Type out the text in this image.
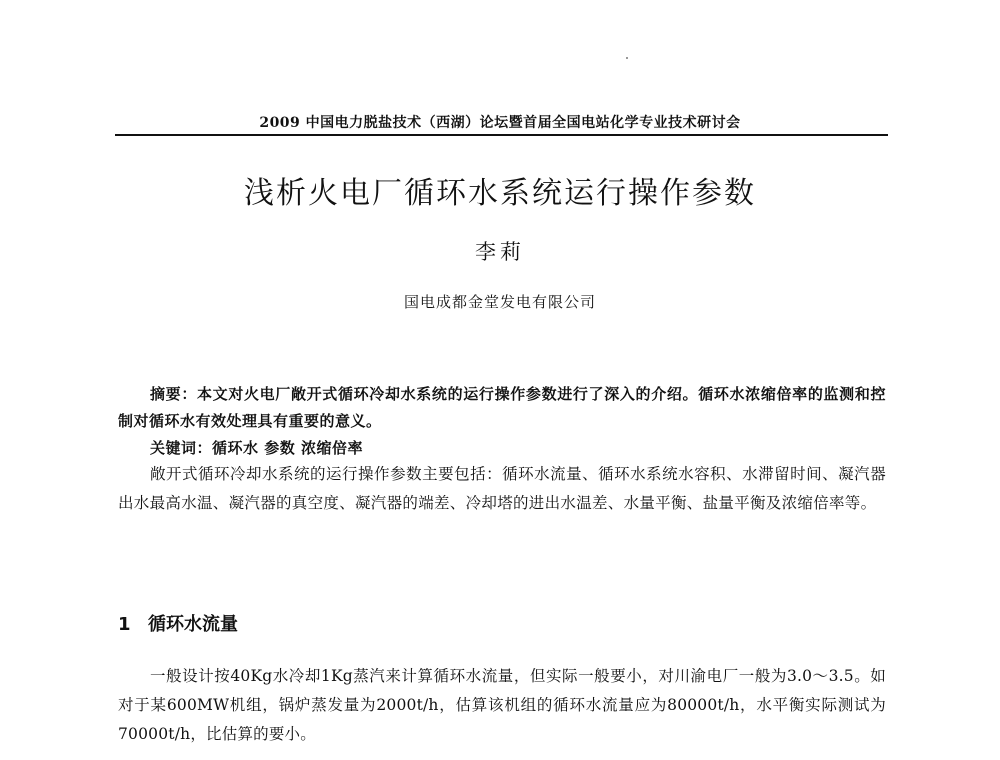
2009 中国电力脱盐技术（西湖）论坛暨首届全国电站化学专业技术研讨会
浅析火电厂循环水系统运行操作参数
李莉
国电成都金堂发电有限公司
摘要：本文对火电厂敞开式循环冷却水系统的运行操作参数进行了深入的介绍。循环水浓缩倍率的监测和控制对循环水有效处理具有重要的意义。
关键词：循环水 参数 浓缩倍率
敞开式循环冷却水系统的运行操作参数主要包括：循环水流量、循环水系统水容积、水滞留时间、凝汽器出水最高水温、凝汽器的真空度、凝汽器的端差、冷却塔的进出水温差、水量平衡、盐量平衡及浓缩倍率等。
1 循环水流量
一般设计按40Kg水冷却1Kg蒸汽来计算循环水流量，但实际一般要小，对川渝电厂一般为3.0～3.5。如对于某600MW机组，锅炉蒸发量为2000t/h，估算该机组的循环水流量应为80000t/h，水平衡实际测试为70000t/h，比估算的要小。
